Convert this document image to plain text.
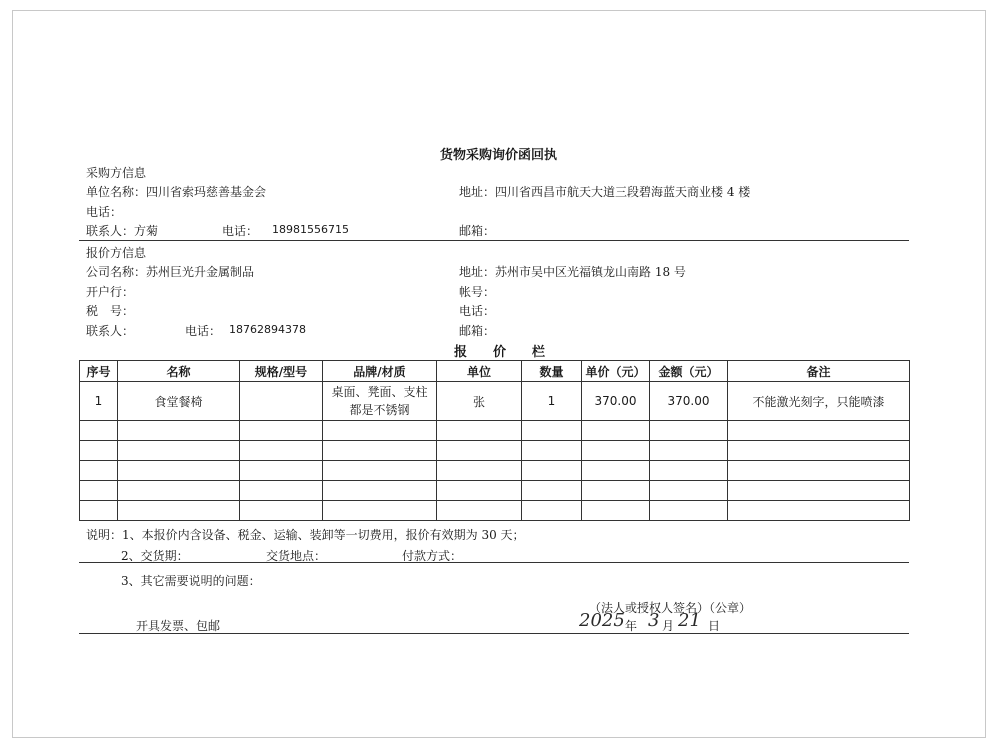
货物采购询价函回执
采购方信息
单位名称：四川省索玛慈善基金会	地址：四川省西昌市航天大道三段碧海蓝天商业楼 4 楼
电话：
联系人：方菊	电话： 18981556715	邮箱：
报价方信息
公司名称：苏州巨光升金属制品	地址：苏州市吴中区光福镇龙山南路 18 号
开户行：	帐号：
税　号：	电话：
联系人：	电话： 18762894378	邮箱：
报　　价　　栏
序号	名称	规格/型号	品牌/材质	单位	数量	单价（元）	金额（元）	备注
1	食堂餐椅		桌面、凳面、支柱都是不锈钢	张	1	370.00	370.00	不能激光刻字，只能喷漆

说明：1、本报价内含设备、税金、运输、装卸等一切费用，报价有效期为 30 天；
2、交货期：	交货地点：	付款方式：
3、其它需要说明的问题：
（法人或授权人签名）（公章）
开具发票、包邮	2025 年 3 月 21 日
